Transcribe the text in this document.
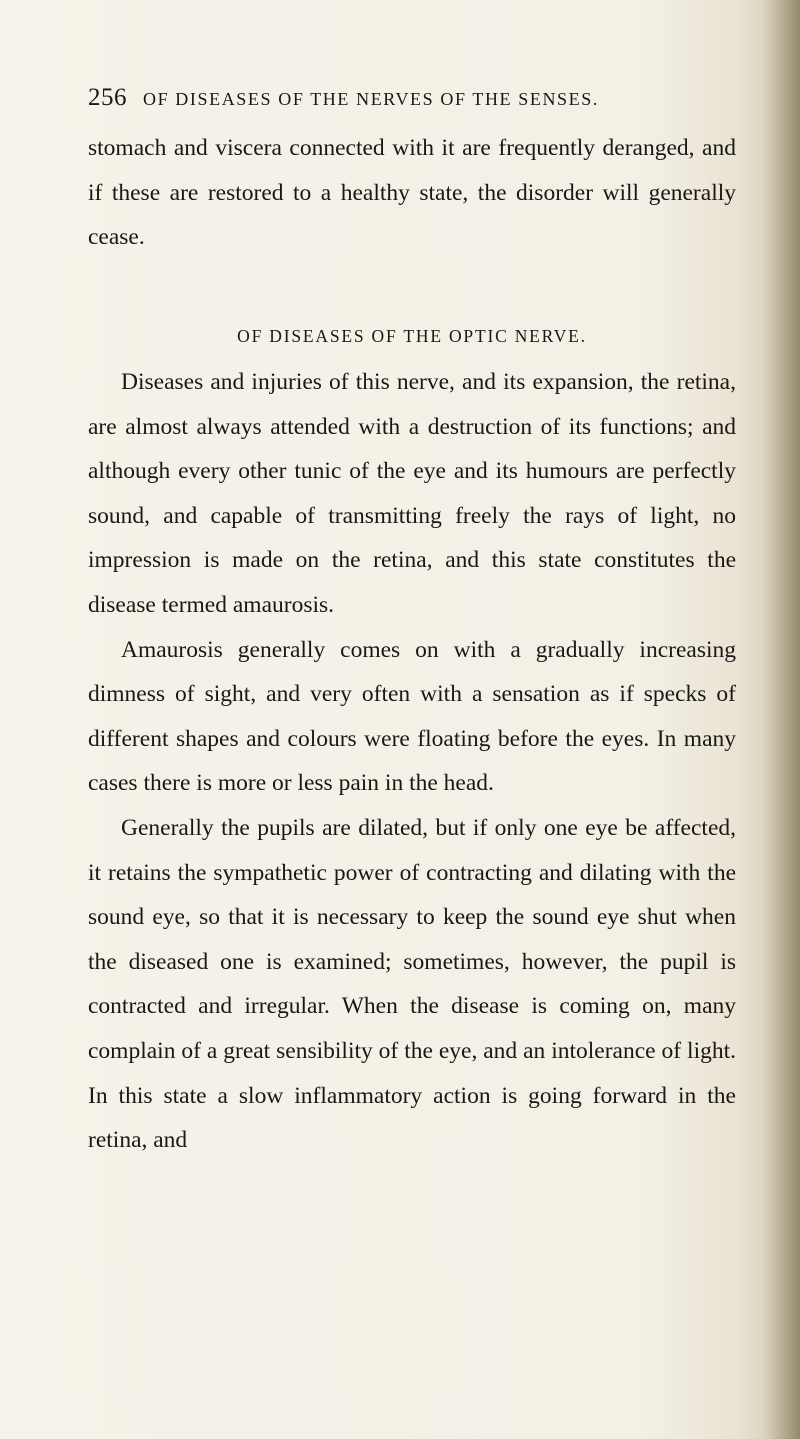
256 OF DISEASES OF THE NERVES OF THE SENSES.

stomach and viscera connected with it are frequently deranged, and if these are restored to a healthy state, the disorder will generally cease.

OF DISEASES OF THE OPTIC NERVE.

Diseases and injuries of this nerve, and its expansion, the retina, are almost always attended with a destruction of its functions; and although every other tunic of the eye and its humours are perfectly sound, and capable of transmitting freely the rays of light, no impression is made on the retina, and this state constitutes the disease termed amaurosis.

Amaurosis generally comes on with a gradually increasing dimness of sight, and very often with a sensation as if specks of different shapes and colours were floating before the eyes. In many cases there is more or less pain in the head.

Generally the pupils are dilated, but if only one eye be affected, it retains the sympathetic power of contracting and dilating with the sound eye, so that it is necessary to keep the sound eye shut when the diseased one is examined; sometimes, however, the pupil is contracted and irregular. When the disease is coming on, many complain of a great sensibility of the eye, and an intolerance of light. In this state a slow inflammatory action is going forward in the retina, and
